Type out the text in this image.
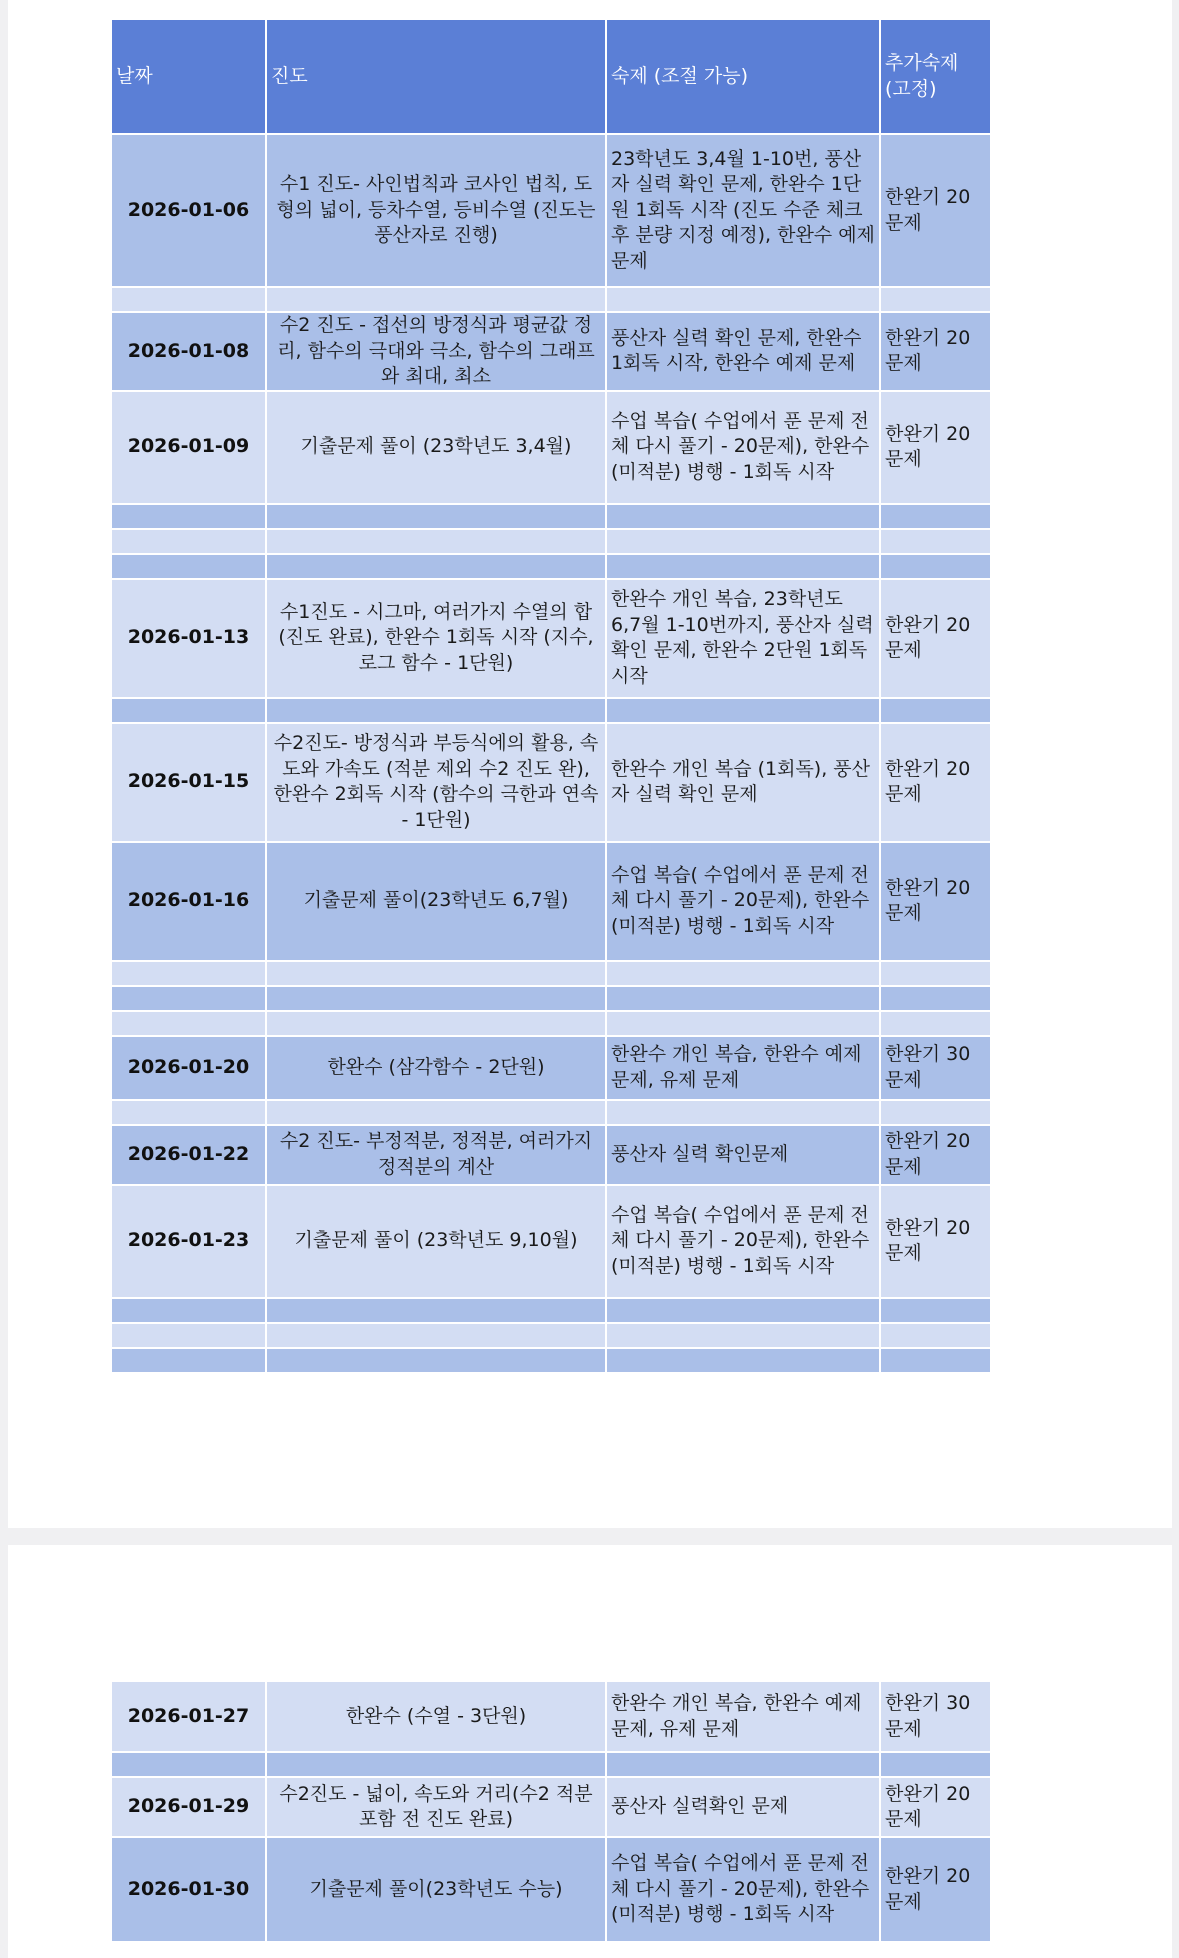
날짜	진도	숙제 (조절 가능)	추가숙제 (고정)
2026-01-06	수1 진도- 사인법칙과 코사인 법칙, 도형의 넓이, 등차수열, 등비수열 (진도는 풍산자로 진행)	23학년도 3,4월 1-10번, 풍산자 실력 확인 문제, 한완수 1단원 1회독 시작 (진도 수준 체크 후 분량 지정 예정), 한완수 예제문제	한완기 20 문제

2026-01-08	수2 진도 - 접선의 방정식과 평균값 정리, 함수의 극대와 극소, 함수의 그래프와 최대, 최소	풍산자 실력 확인 문제, 한완수 1회독 시작, 한완수 예제 문제	한완기 20 문제
2026-01-09	기출문제 풀이 (23학년도 3,4월)	수업 복습( 수업에서 푼 문제 전체 다시 풀기 - 20문제), 한완수 (미적분) 병행 - 1회독 시작	한완기 20 문제

2026-01-13	수1진도 - 시그마, 여러가지 수열의 합 (진도 완료), 한완수 1회독 시작 (지수, 로그 함수 - 1단원)	한완수 개인 복습, 23학년도 6,7월 1-10번까지, 풍산자 실력 확인 문제, 한완수 2단원 1회독 시작	한완기 20 문제

2026-01-15	수2진도- 방정식과 부등식에의 활용, 속도와 가속도 (적분 제외 수2 진도 완), 한완수 2회독 시작 (함수의 극한과 연속 - 1단원)	한완수 개인 복습 (1회독), 풍산자 실력 확인 문제	한완기 20 문제
2026-01-16	기출문제 풀이(23학년도 6,7월)	수업 복습( 수업에서 푼 문제 전체 다시 풀기 - 20문제), 한완수 (미적분) 병행 - 1회독 시작	한완기 20 문제

2026-01-20	한완수 (삼각함수 - 2단원)	한완수 개인 복습, 한완수 예제문제, 유제 문제	한완기 30 문제

2026-01-22	수2 진도- 부정적분, 정적분, 여러가지 정적분의 계산	풍산자 실력 확인문제	한완기 20 문제
2026-01-23	기출문제 풀이 (23학년도 9,10월)	수업 복습( 수업에서 푼 문제 전체 다시 풀기 - 20문제), 한완수 (미적분) 병행 - 1회독 시작	한완기 20 문제

2026-01-27	한완수 (수열 - 3단원)	한완수 개인 복습, 한완수 예제 문제, 유제 문제	한완기 30 문제

2026-01-29	수2진도 - 넓이, 속도와 거리(수2 적분 포함 전 진도 완료)	풍산자 실력확인 문제	한완기 20 문제
2026-01-30	기출문제 풀이(23학년도 수능)	수업 복습( 수업에서 푼 문제 전체 다시 풀기 - 20문제), 한완수 (미적분) 병행 - 1회독 시작	한완기 20 문제
